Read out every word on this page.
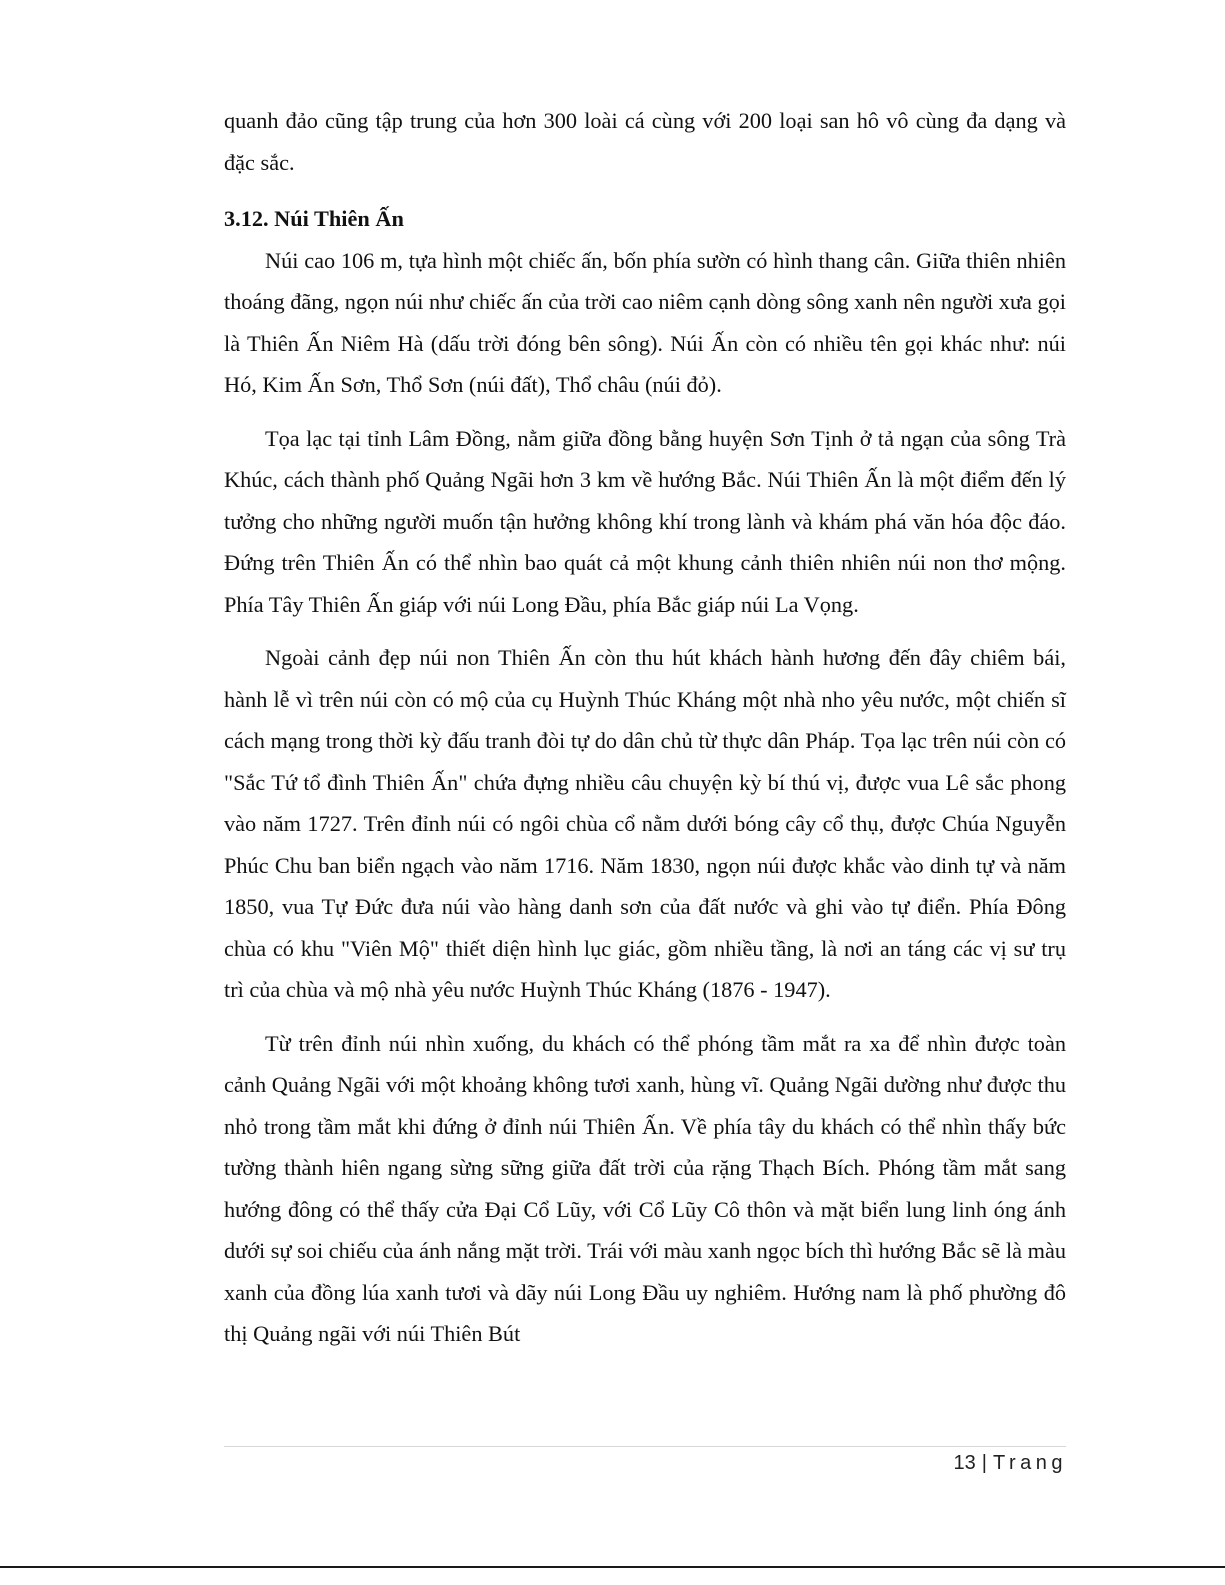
quanh đảo cũng tập trung của hơn 300 loài cá cùng với 200 loại san hô vô cùng đa dạng và đặc sắc.

3.12. Núi Thiên Ấn

Núi cao 106 m, tựa hình một chiếc ấn, bốn phía sườn có hình thang cân. Giữa thiên nhiên thoáng đãng, ngọn núi như chiếc ấn của trời cao niêm cạnh dòng sông xanh nên người xưa gọi là Thiên Ấn Niêm Hà (dấu trời đóng bên sông). Núi Ấn còn có nhiều tên gọi khác như: núi Hó, Kim Ấn Sơn, Thổ Sơn (núi đất), Thổ châu (núi đỏ).

Tọa lạc tại tỉnh Lâm Đồng, nằm giữa đồng bằng huyện Sơn Tịnh ở tả ngạn của sông Trà Khúc, cách thành phố Quảng Ngãi hơn 3 km về hướng Bắc. Núi Thiên Ấn là một điểm đến lý tưởng cho những người muốn tận hưởng không khí trong lành và khám phá văn hóa độc đáo. Đứng trên Thiên Ấn có thể nhìn bao quát cả một khung cảnh thiên nhiên núi non thơ mộng. Phía Tây Thiên Ấn giáp với núi Long Đầu, phía Bắc giáp núi La Vọng.

Ngoài cảnh đẹp núi non Thiên Ấn còn thu hút khách hành hương đến đây chiêm bái, hành lễ vì trên núi còn có mộ của cụ Huỳnh Thúc Kháng một nhà nho yêu nước, một chiến sĩ cách mạng trong thời kỳ đấu tranh đòi tự do dân chủ từ thực dân Pháp. Tọa lạc trên núi còn có "Sắc Tứ tổ đình Thiên Ấn" chứa đựng nhiều câu chuyện kỳ bí thú vị, được vua Lê sắc phong vào năm 1727. Trên đỉnh núi có ngôi chùa cổ nằm dưới bóng cây cổ thụ, được Chúa Nguyễn Phúc Chu ban biển ngạch vào năm 1716. Năm 1830, ngọn núi được khắc vào dinh tự và năm 1850, vua Tự Đức đưa núi vào hàng danh sơn của đất nước và ghi vào tự điển. Phía Đông chùa có khu "Viên Mộ" thiết diện hình lục giác, gồm nhiều tầng, là nơi an táng các vị sư trụ trì của chùa và mộ nhà yêu nước Huỳnh Thúc Kháng (1876 - 1947).

Từ trên đỉnh núi nhìn xuống, du khách có thể phóng tầm mắt ra xa để nhìn được toàn cảnh Quảng Ngãi với một khoảng không tươi xanh, hùng vĩ. Quảng Ngãi dường như được thu nhỏ trong tầm mắt khi đứng ở đỉnh núi Thiên Ấn. Về phía tây du khách có thể nhìn thấy bức tường thành hiên ngang sừng sững giữa đất trời của rặng Thạch Bích. Phóng tầm mắt sang hướng đông có thể thấy cửa Đại Cổ Lũy, với Cổ Lũy Cô thôn và mặt biển lung linh óng ánh dưới sự soi chiếu của ánh nắng mặt trời. Trái với màu xanh ngọc bích thì hướng Bắc sẽ là màu xanh của đồng lúa xanh tươi và dãy núi Long Đầu uy nghiêm. Hướng nam là phố phường đô thị Quảng ngãi với núi Thiên Bút

13 | Trang
